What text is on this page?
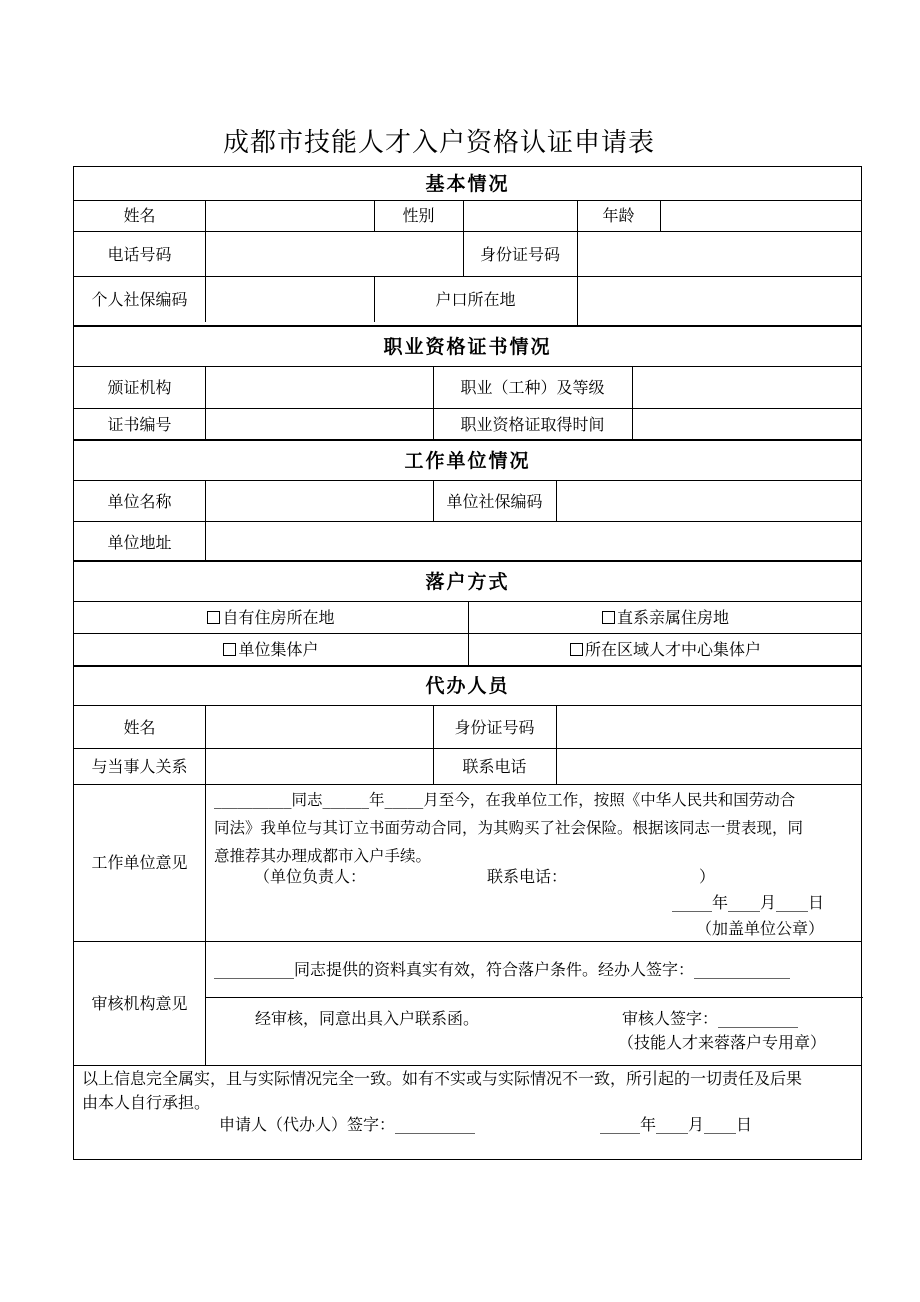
成都市技能人才入户资格认证申请表
基本情况
姓名	性别	年龄
电话号码	身份证号码
个人社保编码	户口所在地
职业资格证书情况
颁证机构	职业（工种）及等级
证书编号	职业资格证取得时间
工作单位情况
单位名称	单位社保编码
单位地址
落户方式
自有住房所在地	直系亲属住房地
单位集体户	所在区域人才中心集体户
代办人员
姓名	身份证号码
与当事人关系	联系电话
工作单位意见
__________同志______年_____月至今，在我单位工作，按照《中华人民共和国劳动合
同法》我单位与其订立书面劳动合同，为其购买了社会保险。根据该同志一贯表现，同
意推荐其办理成都市入户手续。
（单位负责人：	联系电话：	）
_____年____月____日
（加盖单位公章）
审核机构意见
__________同志提供的资料真实有效，符合落户条件。经办人签字：____________
经审核，同意出具入户联系函。	审核人签字：__________
（技能人才来蓉落户专用章）
以上信息完全属实，且与实际情况完全一致。如有不实或与实际情况不一致，所引起的一切责任及后果
由本人自行承担。
申请人（代办人）签字：__________	_____年____月____日
